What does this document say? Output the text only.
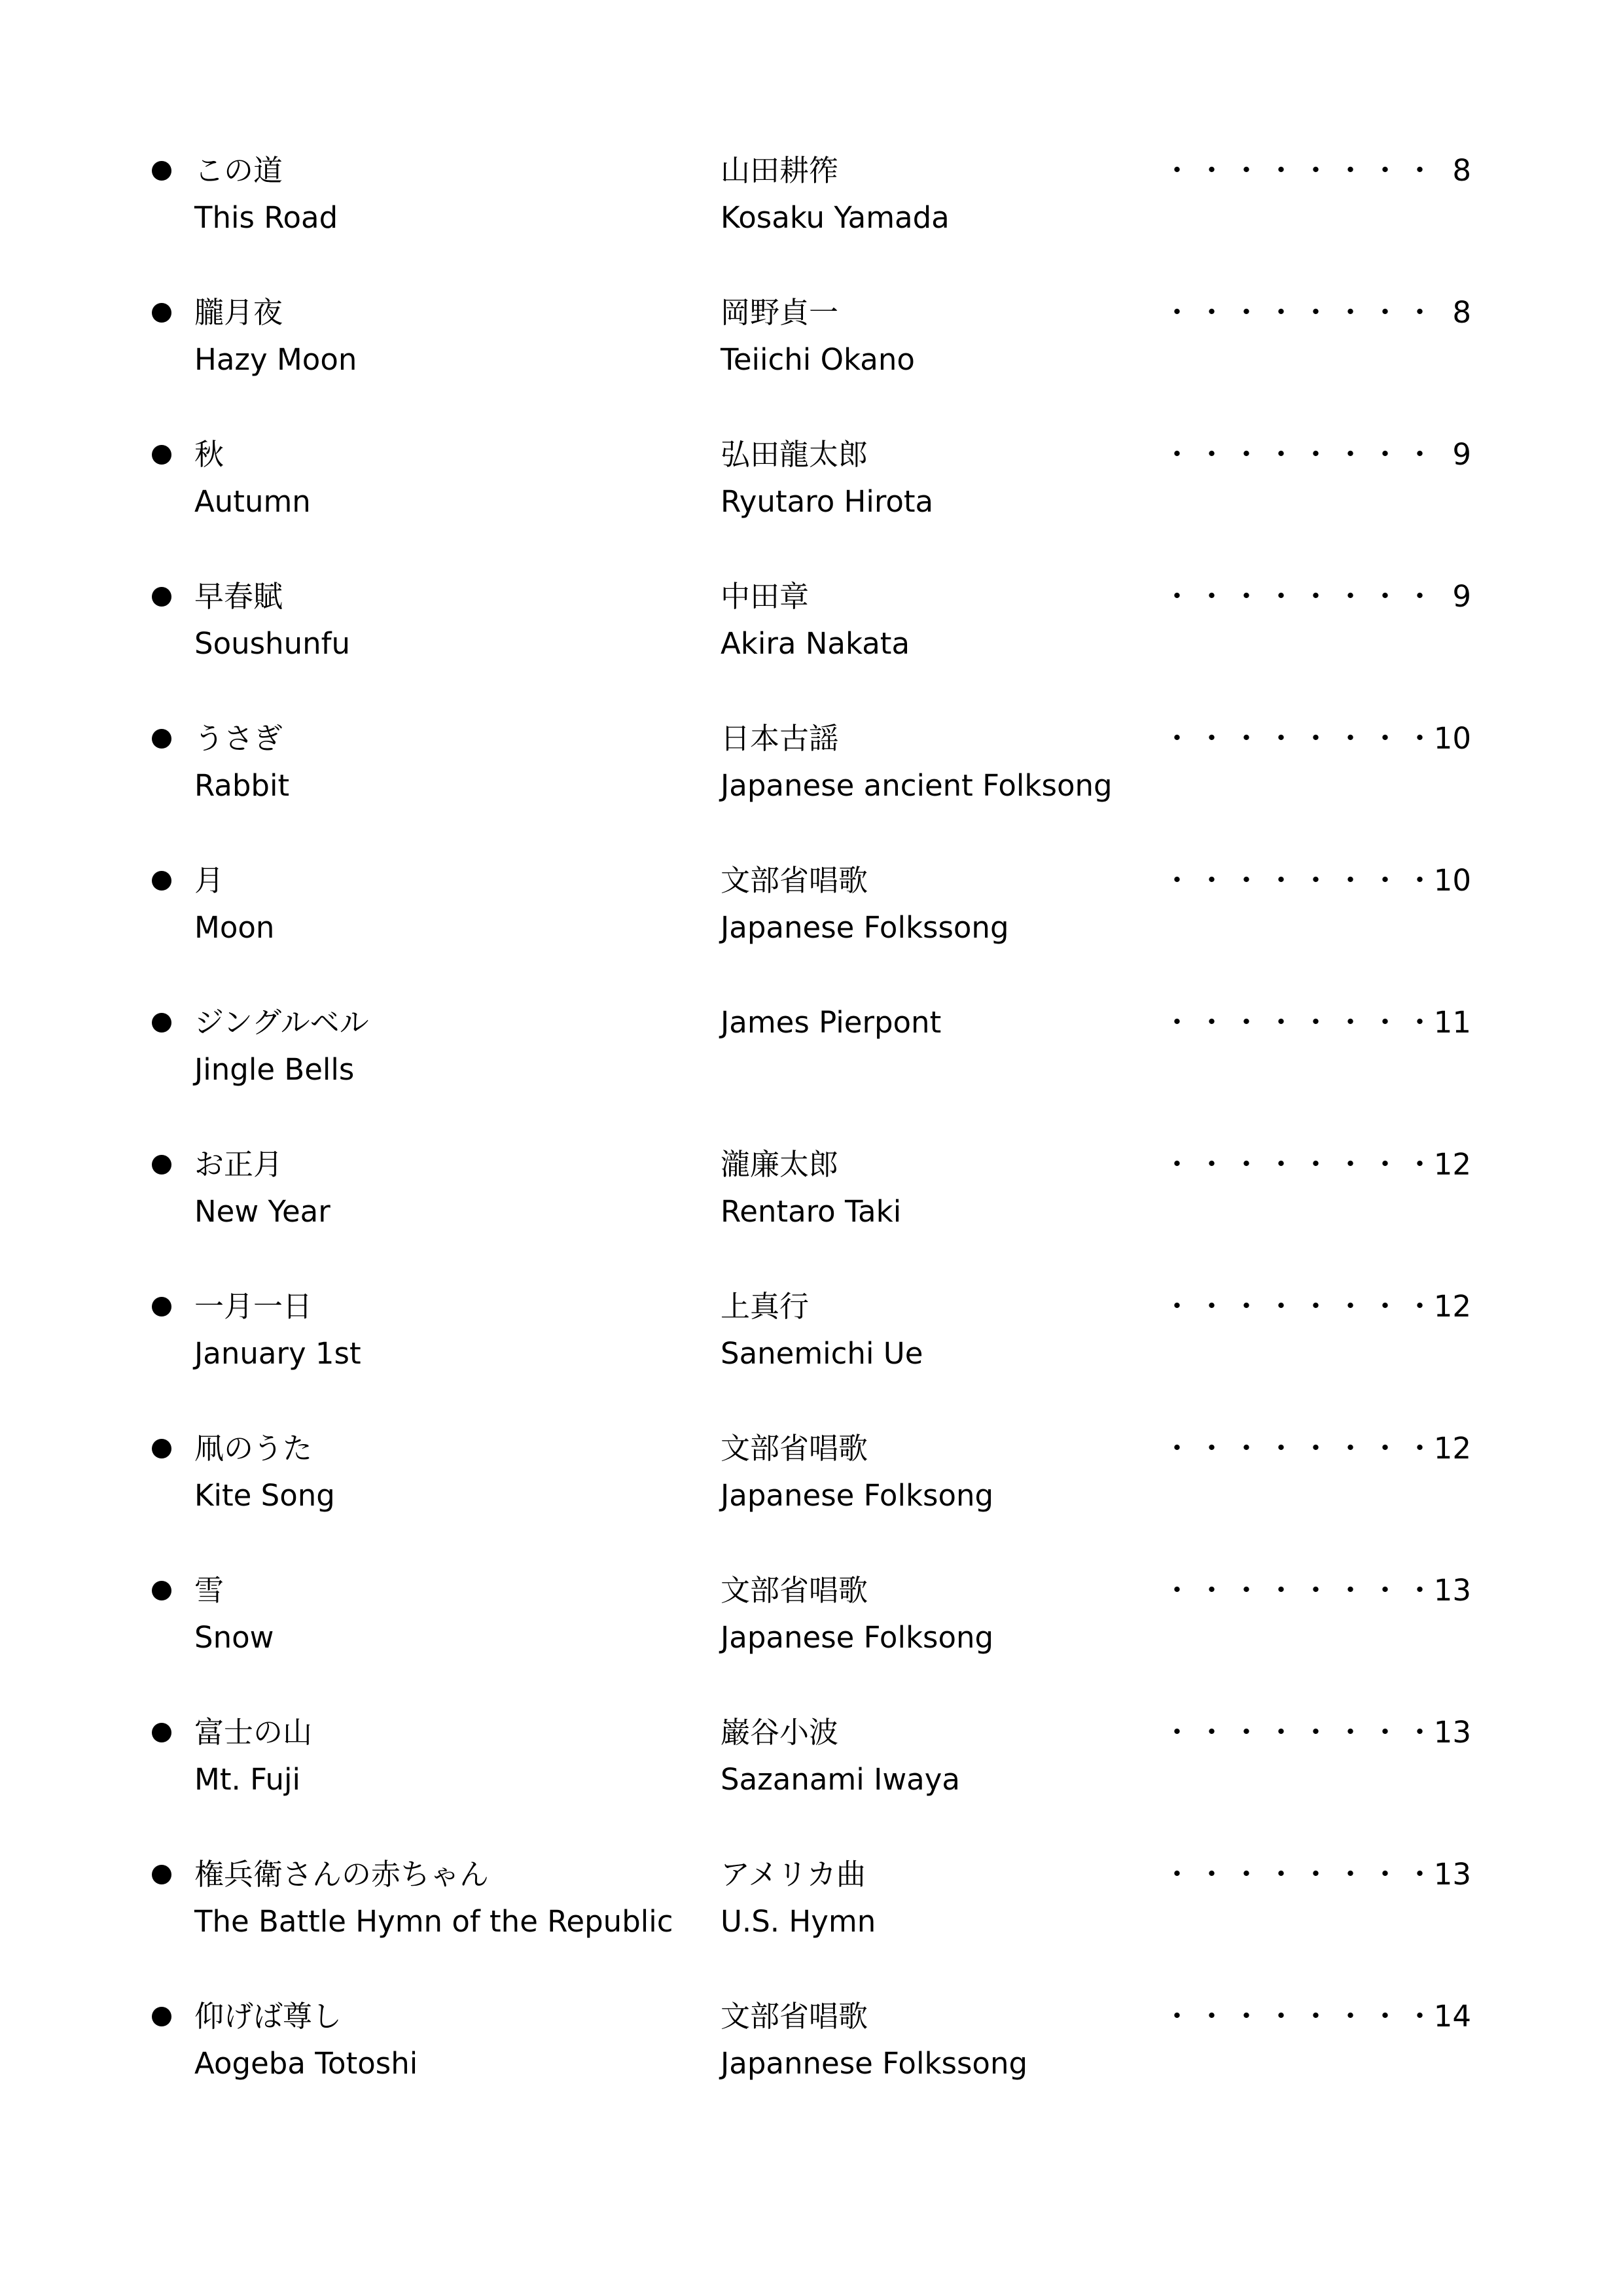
この道
This Road
山田耕筰
Kosaku Yamada
・・・・・・・・ 8
朧月夜
Hazy Moon
岡野貞一
Teiichi Okano
・・・・・・・・ 8
秋
Autumn
弘田龍太郎
Ryutaro Hirota
・・・・・・・・ 9
早春賦
Soushunfu
中田章
Akira Nakata
・・・・・・・・ 9
うさぎ
Rabbit
日本古謡
Japanese ancient Folksong
・・・・・・・・
10
月
Moon
文部省唱歌
Japanese Folkssong
・・・・・・・・
10
ジングルベル
Jingle Bells
James Pierpont	・・・・・・・・
11
お正月
New Year
瀧廉太郎
Rentaro Taki
・・・・・・・・
12
一月一日
January 1st
上真行
Sanemichi Ue
・・・・・・・・
12
凧のうた
Kite Song
文部省唱歌
Japanese Folksong
・・・・・・・・
12
雪
Snow
文部省唱歌
Japanese Folksong
・・・・・・・・
13
富士の山
Mt. Fuji
巌谷小波
Sazanami Iwaya
・・・・・・・・
13
権兵衛さんの赤ちゃん
The Battle Hymn of the Republic
アメリカ曲
U.S. Hymn
・・・・・・・・
13
仰げば尊し
Aogeba Totoshi
文部省唱歌
Japannese Folkssong
・・・・・・・・
14
